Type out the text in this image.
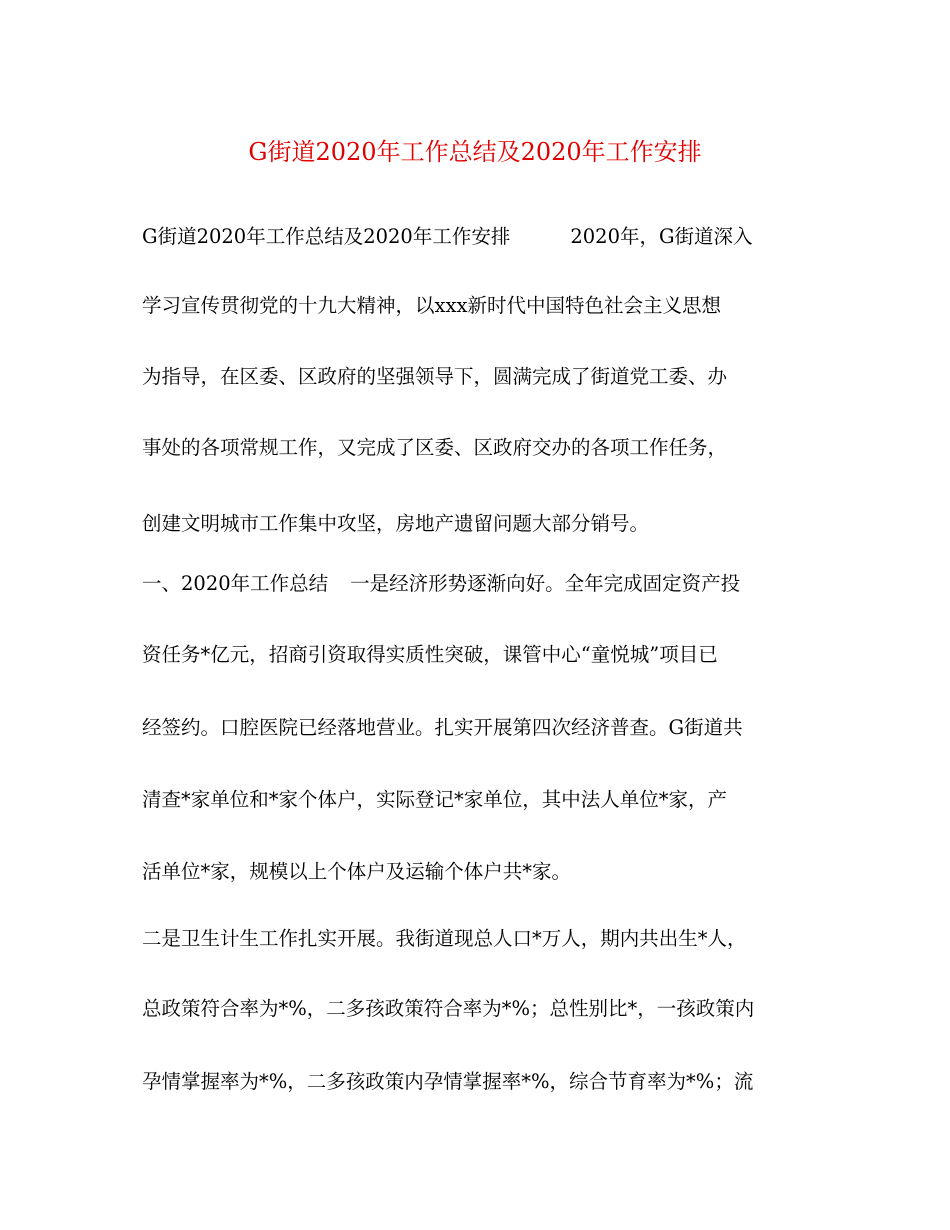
G街道2020年工作总结及2020年工作安排

G街道2020年工作总结及2020年工作安排	2020年，G街道深入

学习宣传贯彻党的十九大精神，以xxx新时代中国特色社会主义思想

为指导，在区委、区政府的坚强领导下，圆满完成了街道党工委、办

事处的各项常规工作，又完成了区委、区政府交办的各项工作任务，

创建文明城市工作集中攻坚，房地产遗留问题大部分销号。

一、2020年工作总结 一是经济形势逐渐向好。全年完成固定资产投

资任务*亿元，招商引资取得实质性突破，课管中心“童悦城”项目已

经签约。口腔医院已经落地营业。扎实开展第四次经济普查。G街道共

清查*家单位和*家个体户，实际登记*家单位，其中法人单位*家，产

活单位*家，规模以上个体户及运输个体户共*家。

二是卫生计生工作扎实开展。我街道现总人口*万人，期内共出生*人，

总政策符合率为*%，二多孩政策符合率为*%；总性别比*，一孩政策内

孕情掌握率为*%，二多孩政策内孕情掌握率*%，综合节育率为*%；流
